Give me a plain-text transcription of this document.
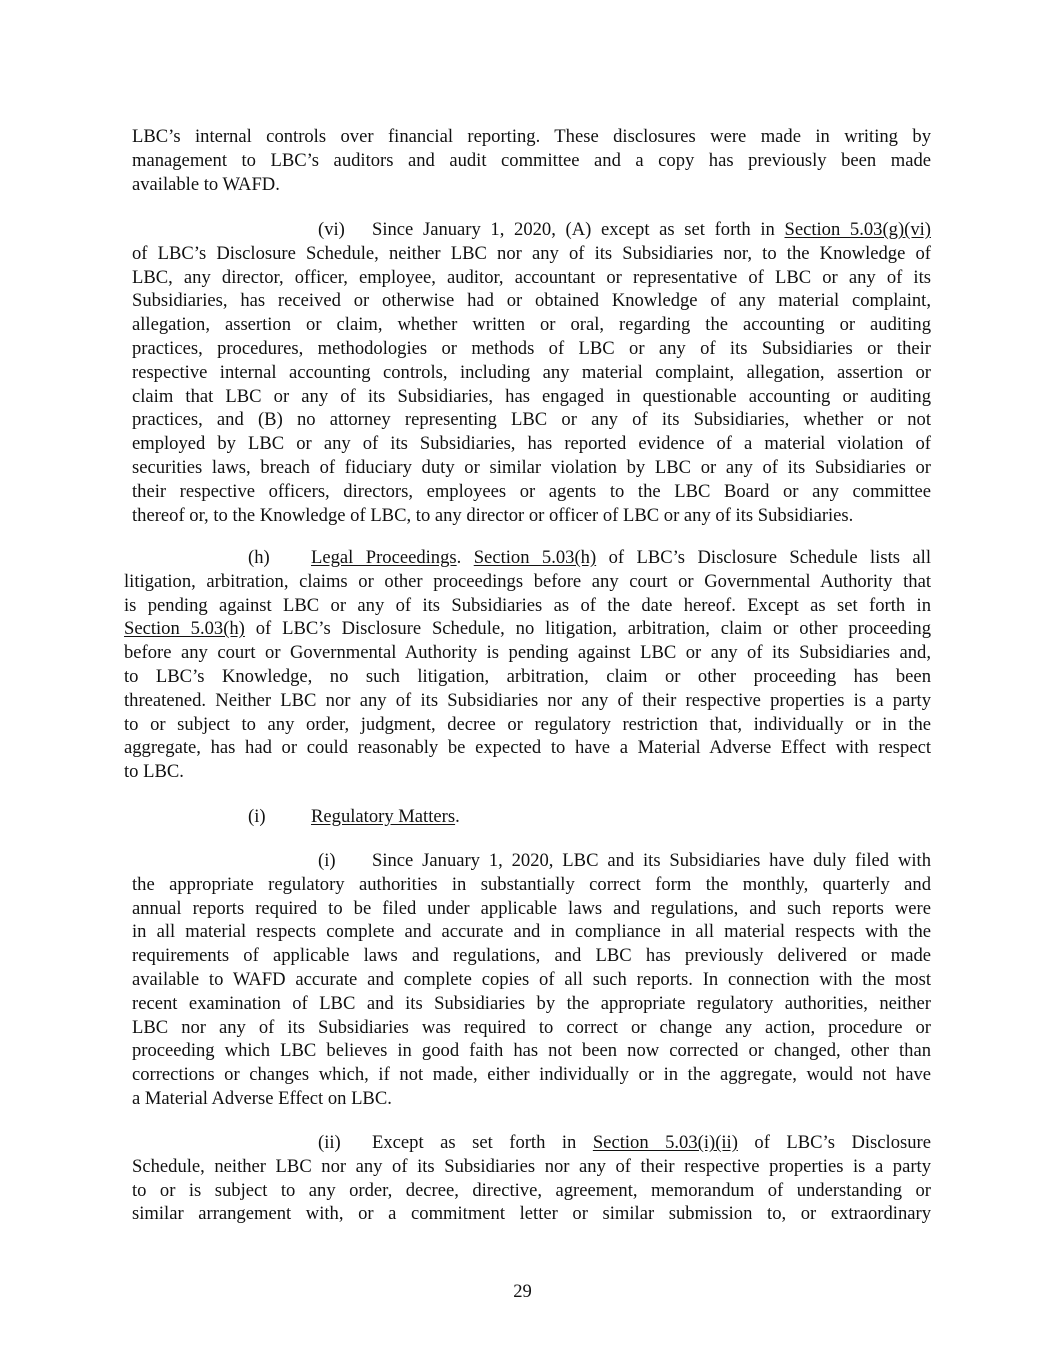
LBC’s internal controls over financial reporting. These disclosures were made in writing by
management to LBC’s auditors and audit committee and a copy has previously been made
available to WAFD.
(vi)	Since January 1, 2020, (A) except as set forth in Section 5.03(g)(vi)
of LBC’s Disclosure Schedule, neither LBC nor any of its Subsidiaries nor, to the Knowledge of
LBC, any director, officer, employee, auditor, accountant or representative of LBC or any of its
Subsidiaries, has received or otherwise had or obtained Knowledge of any material complaint,
allegation, assertion or claim, whether written or oral, regarding the accounting or auditing
practices, procedures, methodologies or methods of LBC or any of its Subsidiaries or their
respective internal accounting controls, including any material complaint, allegation, assertion or
claim that LBC or any of its Subsidiaries, has engaged in questionable accounting or auditing
practices, and (B) no attorney representing LBC or any of its Subsidiaries, whether or not
employed by LBC or any of its Subsidiaries, has reported evidence of a material violation of
securities laws, breach of fiduciary duty or similar violation by LBC or any of its Subsidiaries or
their respective officers, directors, employees or agents to the LBC Board or any committee
thereof or, to the Knowledge of LBC, to any director or officer of LBC or any of its Subsidiaries.
(h)	Legal Proceedings. Section 5.03(h) of LBC’s Disclosure Schedule lists all
litigation, arbitration, claims or other proceedings before any court or Governmental Authority that
is pending against LBC or any of its Subsidiaries as of the date hereof. Except as set forth in
Section 5.03(h) of LBC’s Disclosure Schedule, no litigation, arbitration, claim or other proceeding
before any court or Governmental Authority is pending against LBC or any of its Subsidiaries and,
to LBC’s Knowledge, no such litigation, arbitration, claim or other proceeding has been
threatened. Neither LBC nor any of its Subsidiaries nor any of their respective properties is a party
to or subject to any order, judgment, decree or regulatory restriction that, individually or in the
aggregate, has had or could reasonably be expected to have a Material Adverse Effect with respect
to LBC.
(i)	Regulatory Matters.
(i)	Since January 1, 2020, LBC and its Subsidiaries have duly filed with
the appropriate regulatory authorities in substantially correct form the monthly, quarterly and
annual reports required to be filed under applicable laws and regulations, and such reports were
in all material respects complete and accurate and in compliance in all material respects with the
requirements of applicable laws and regulations, and LBC has previously delivered or made
available to WAFD accurate and complete copies of all such reports. In connection with the most
recent examination of LBC and its Subsidiaries by the appropriate regulatory authorities, neither
LBC nor any of its Subsidiaries was required to correct or change any action, procedure or
proceeding which LBC believes in good faith has not been now corrected or changed, other than
corrections or changes which, if not made, either individually or in the aggregate, would not have
a Material Adverse Effect on LBC.
(ii)	Except as set forth in Section 5.03(i)(ii) of LBC’s Disclosure
Schedule, neither LBC nor any of its Subsidiaries nor any of their respective properties is a party
to or is subject to any order, decree, directive, agreement, memorandum of understanding or
similar arrangement with, or a commitment letter or similar submission to, or extraordinary
29
